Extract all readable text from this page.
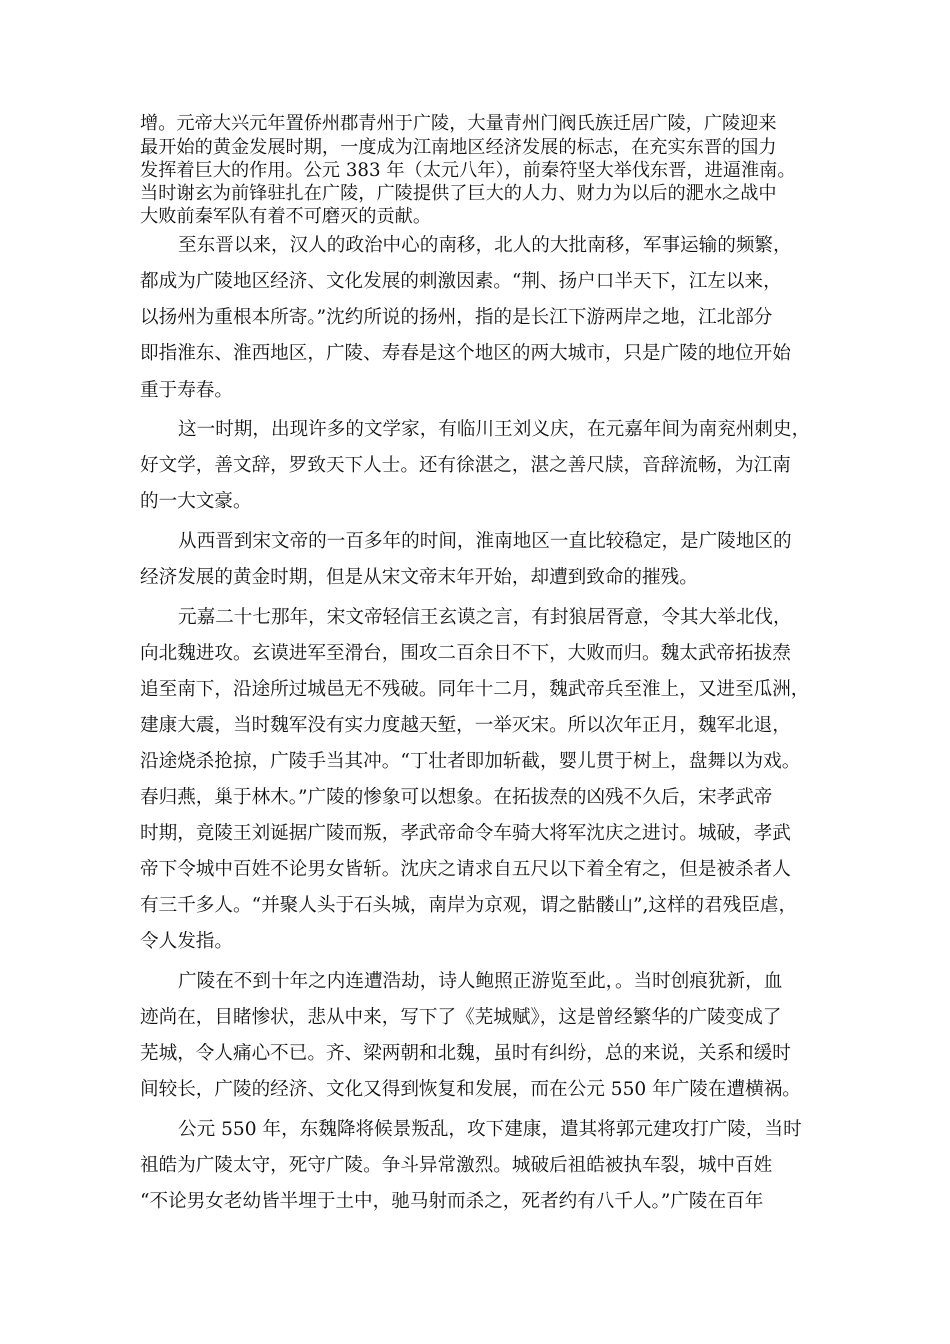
增。元帝大兴元年置侨州郡青州于广陵，大量青州门阀氏族迁居广陵，广陵迎来
最开始的黄金发展时期，一度成为江南地区经济发展的标志，在充实东晋的国力
发挥着巨大的作用。公元 383 年（太元八年），前秦符坚大举伐东晋，进逼淮南。
当时谢玄为前锋驻扎在广陵，广陵提供了巨大的人力、财力为以后的淝水之战中
大败前秦军队有着不可磨灭的贡献。
至东晋以来，汉人的政治中心的南移，北人的大批南移，军事运输的频繁，
都成为广陵地区经济、文化发展的刺激因素。“荆、扬户口半天下，江左以来，
以扬州为重根本所寄。”沈约所说的扬州，指的是长江下游两岸之地，江北部分
即指淮东、淮西地区，广陵、寿春是这个地区的两大城市，只是广陵的地位开始
重于寿春。
这一时期，出现许多的文学家，有临川王刘义庆，在元嘉年间为南兖州刺史，
好文学，善文辞，罗致天下人士。还有徐湛之，湛之善尺牍，音辞流畅，为江南
的一大文豪。
从西晋到宋文帝的一百多年的时间，淮南地区一直比较稳定，是广陵地区的
经济发展的黄金时期，但是从宋文帝末年开始，却遭到致命的摧残。
元嘉二十七那年，宋文帝轻信王玄谟之言，有封狼居胥意，令其大举北伐，
向北魏进攻。玄谟进军至滑台，围攻二百余日不下，大败而归。魏太武帝拓拔焘
追至南下，沿途所过城邑无不残破。同年十二月，魏武帝兵至淮上，又进至瓜洲，
建康大震，当时魏军没有实力度越天堑，一举灭宋。所以次年正月，魏军北退，
沿途烧杀抢掠，广陵手当其冲。“丁壮者即加斩截，婴儿贯于树上，盘舞以为戏。
春归燕，巢于林木。”广陵的惨象可以想象。在拓拔焘的凶残不久后，宋孝武帝
时期，竟陵王刘诞据广陵而叛，孝武帝命令车骑大将军沈庆之进讨。城破，孝武
帝下令城中百姓不论男女皆斩。沈庆之请求自五尺以下着全宥之，但是被杀者人
有三千多人。“并聚人头于石头城，南岸为京观，谓之骷髅山”,这样的君残臣虐，
令人发指。
广陵在不到十年之内连遭浩劫，诗人鲍照正游览至此，。当时创痕犹新，血
迹尚在，目睹惨状，悲从中来，写下了《芜城赋》，这是曾经繁华的广陵变成了
芜城，令人痛心不已。齐、梁两朝和北魏，虽时有纠纷，总的来说，关系和缓时
间较长，广陵的经济、文化又得到恢复和发展，而在公元 550 年广陵在遭横祸。
公元 550 年，东魏降将候景叛乱，攻下建康，遣其将郭元建攻打广陵，当时
祖皓为广陵太守，死守广陵。争斗异常激烈。城破后祖皓被执车裂，城中百姓
“不论男女老幼皆半埋于土中，驰马射而杀之，死者约有八千人。”广陵在百年
